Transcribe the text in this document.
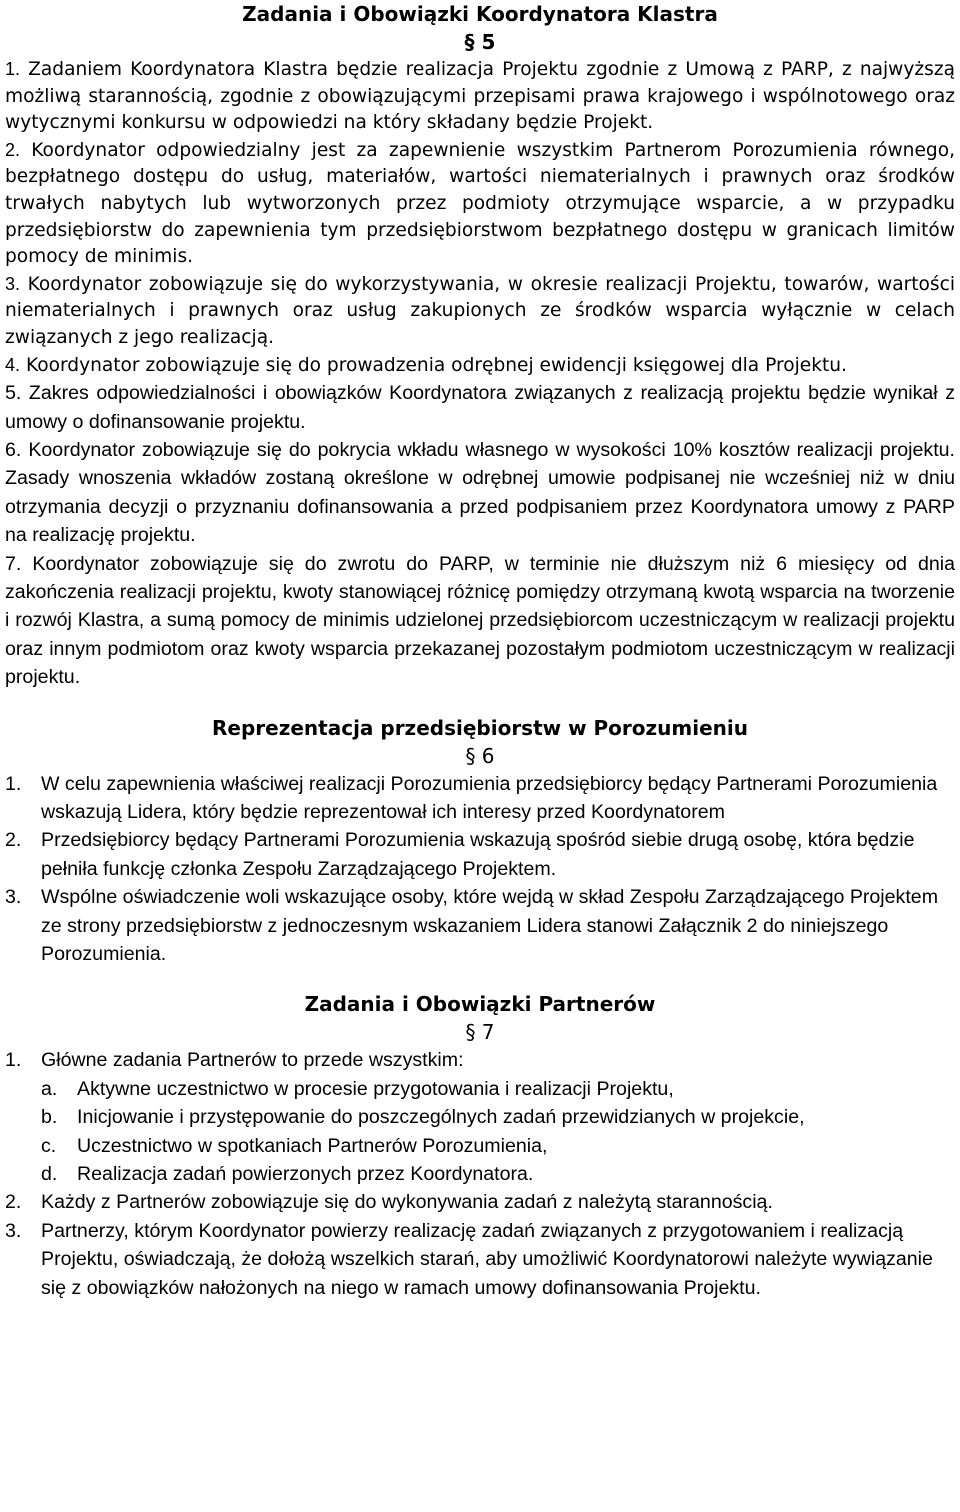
Zadania i Obowiązki Koordynatora Klastra
§ 5

1. Zadaniem Koordynatora Klastra będzie realizacja Projektu zgodnie z Umową z PARP, z najwyższą możliwą starannością, zgodnie z obowiązującymi przepisami prawa krajowego i wspólnotowego oraz wytycznymi konkursu w odpowiedzi na który składany będzie Projekt.

2. Koordynator odpowiedzialny jest za zapewnienie wszystkim Partnerom Porozumienia równego, bezpłatnego dostępu do usług, materiałów, wartości niematerialnych i prawnych oraz środków trwałych nabytych lub wytworzonych przez podmioty otrzymujące wsparcie, a w przypadku przedsiębiorstw do zapewnienia tym przedsiębiorstwom bezpłatnego dostępu w granicach limitów pomocy de minimis.

3. Koordynator zobowiązuje się do wykorzystywania, w okresie realizacji Projektu, towarów, wartości niematerialnych i prawnych oraz usług zakupionych ze środków wsparcia wyłącznie w celach związanych z jego realizacją.

4. Koordynator zobowiązuje się do prowadzenia odrębnej ewidencji księgowej dla Projektu.

5. Zakres odpowiedzialności i obowiązków Koordynatora związanych z realizacją projektu będzie wynikał z umowy o dofinansowanie projektu.

6. Koordynator zobowiązuje się do pokrycia wkładu własnego w wysokości 10% kosztów realizacji projektu. Zasady wnoszenia wkładów zostaną określone w odrębnej umowie podpisanej nie wcześniej niż w dniu otrzymania decyzji o przyznaniu dofinansowania a przed podpisaniem przez Koordynatora umowy z PARP na realizację projektu.

7. Koordynator zobowiązuje się do zwrotu do PARP, w terminie nie dłuższym niż 6 miesięcy od dnia zakończenia realizacji projektu, kwoty stanowiącej różnicę pomiędzy otrzymaną kwotą wsparcia na tworzenie i rozwój Klastra, a sumą pomocy de minimis udzielonej przedsiębiorcom uczestniczącym w realizacji projektu oraz innym podmiotom oraz kwoty wsparcia przekazanej pozostałym podmiotom uczestniczącym w realizacji projektu.

Reprezentacja przedsiębiorstw w Porozumieniu
§ 6
1.	W celu zapewnienia właściwej realizacji Porozumienia przedsiębiorcy będący Partnerami Porozumienia wskazują Lidera, który będzie reprezentował ich interesy przed Koordynatorem
2.	Przedsiębiorcy będący Partnerami Porozumienia wskazują spośród siebie drugą osobę, która będzie pełniła funkcję członka Zespołu Zarządzającego Projektem.
3.	Wspólne oświadczenie woli wskazujące osoby, które wejdą w skład Zespołu Zarządzającego Projektem ze strony przedsiębiorstw z jednoczesnym wskazaniem Lidera stanowi Załącznik 2 do niniejszego Porozumienia.
Zadania i Obowiązki Partnerów
§ 7
1.	Główne zadania Partnerów to przede wszystkim:
a.	Aktywne uczestnictwo w procesie przygotowania i realizacji Projektu,
b.	Inicjowanie i przystępowanie do poszczególnych zadań przewidzianych w projekcie,
c.	Uczestnictwo w spotkaniach Partnerów Porozumienia,
d.	Realizacja zadań powierzonych przez Koordynatora.
2.	Każdy z Partnerów zobowiązuje się do wykonywania zadań z należytą starannością.
3.	Partnerzy, którym Koordynator powierzy realizację zadań związanych z przygotowaniem i realizacją Projektu, oświadczają, że dołożą wszelkich starań, aby umożliwić Koordynatorowi należyte wywiązanie się z obowiązków nałożonych na niego w ramach umowy dofinansowania Projektu.
